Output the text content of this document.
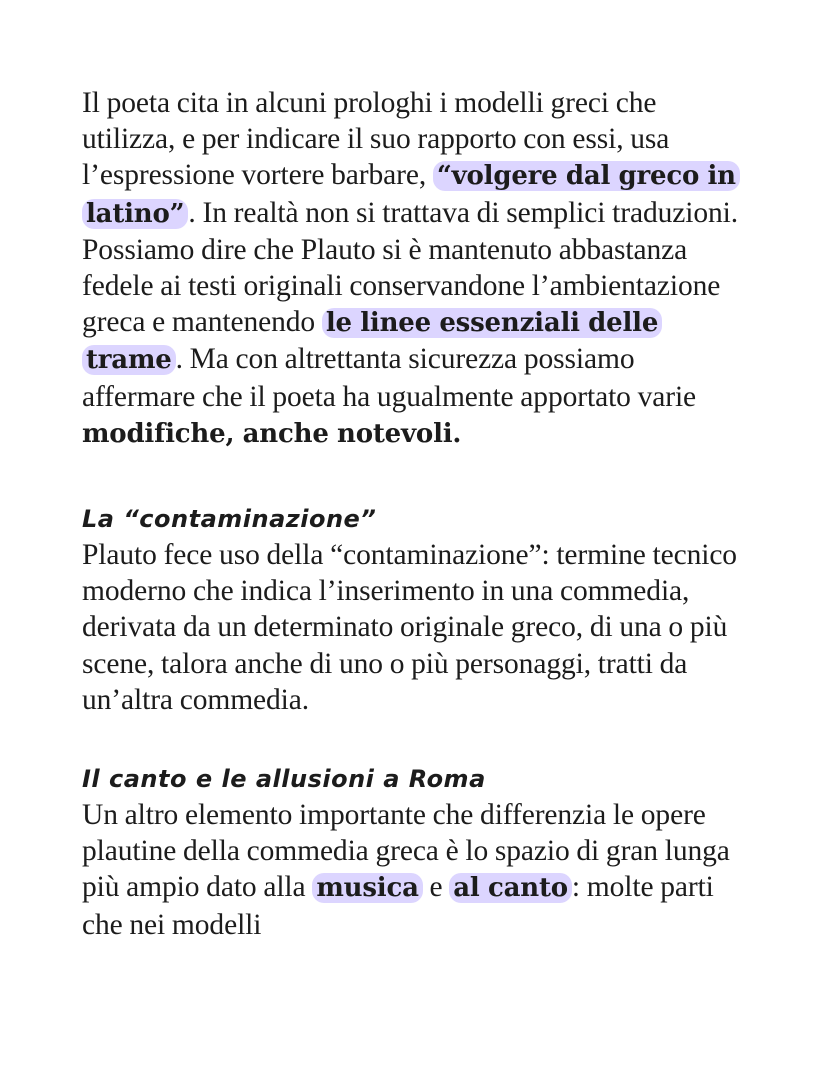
Il poeta cita in alcuni prologhi i modelli greci che utilizza, e per indicare il suo rapporto con essi, usa l’espressione vortere barbare, “volgere dal greco in latino” . In realtà non si trattava di semplici traduzioni. Possiamo dire che Plauto si è mantenuto abbastanza fedele ai testi originali conservandone l’ambientazione greca e mantenendo le linee essenziali delle trame . Ma con altrettanta sicurezza possiamo affermare che il poeta ha ugualmente apportato varie modifiche, anche notevoli.

La “contaminazione”

Plauto fece uso della “contaminazione”: termine tecnico moderno che indica l’inserimento in una commedia, derivata da un determinato originale greco, di una o più scene, talora anche di uno o più personaggi, tratti da un’altra commedia.

Il canto e le allusioni a Roma

Un altro elemento importante che differenzia le opere plautine della commedia greca è lo spazio di gran lunga più ampio dato alla musica e al canto : molte parti che nei modelli
